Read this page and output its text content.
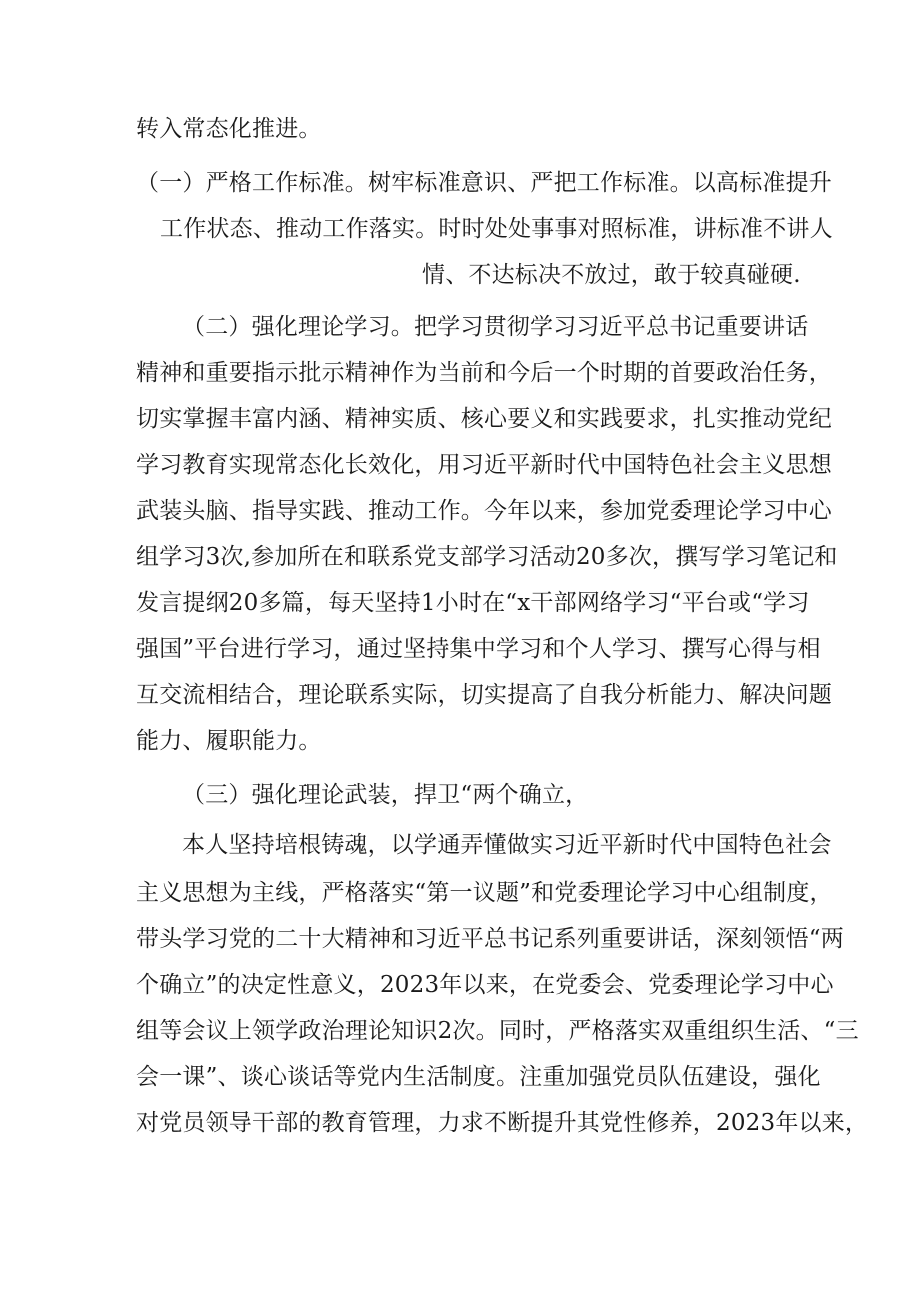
转入常态化推进。
（一）严格工作标准。树牢标准意识、严把工作标准。以高标准提升
工作状态、推动工作落实。时时处处事事对照标准，讲标准不讲人
情、不达标决不放过，敢于较真碰硬.
（二）强化理论学习。把学习贯彻学习习近平总书记重要讲话
精神和重要指示批示精神作为当前和今后一个时期的首要政治任务，
切实掌握丰富内涵、精神实质、核心要义和实践要求，扎实推动党纪
学习教育实现常态化长效化，用习近平新时代中国特色社会主义思想
武装头脑、指导实践、推动工作。今年以来，参加党委理论学习中心
组学习3次,参加所在和联系党支部学习活动20多次，撰写学习笔记和
发言提纲20多篇，每天坚持1小时在“x干部网络学习“平台或“学习
强国”平台进行学习，通过坚持集中学习和个人学习、撰写心得与相
互交流相结合，理论联系实际，切实提高了自我分析能力、解决问题
能力、履职能力。
（三）强化理论武装，捍卫“两个确立，
本人坚持培根铸魂，以学通弄懂做实习近平新时代中国特色社会
主义思想为主线，严格落实“第一议题”和党委理论学习中心组制度，
带头学习党的二十大精神和习近平总书记系列重要讲话，深刻领悟“两
个确立”的决定性意义，2023年以来，在党委会、党委理论学习中心
组等会议上领学政治理论知识2次。同时，严格落实双重组织生活、“三
会一课”、谈心谈话等党内生活制度。注重加强党员队伍建设，强化
对党员领导干部的教育管理，力求不断提升其党性修养，2023年以来，
